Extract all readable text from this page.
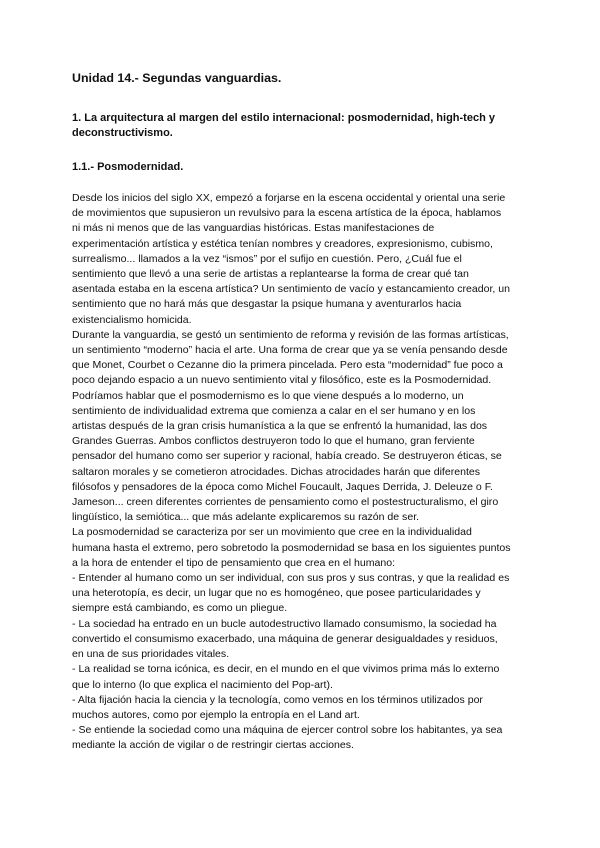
Unidad 14.- Segundas vanguardias.
1. La arquitectura al margen del estilo internacional: posmodernidad, high-tech y deconstructivismo.
1.1.- Posmodernidad.

Desde los inicios del siglo XX, empezó a forjarse en la escena occidental y oriental una serie de movimientos que supusieron un revulsivo para la escena artística de la época, hablamos ni más ni menos que de las vanguardias históricas. Estas manifestaciones de experimentación artística y estética tenían nombres y creadores, expresionismo, cubismo, surrealismo... llamados a la vez “ismos” por el sufijo en cuestión. Pero, ¿Cuál fue el sentimiento que llevó a una serie de artistas a replantearse la forma de crear qué tan asentada estaba en la escena artística? Un sentimiento de vacío y estancamiento creador, un sentimiento que no hará más que desgastar la psique humana y aventurarlos hacia existencialismo homicida.

Durante la vanguardia, se gestó un sentimiento de reforma y revisión de las formas artísticas, un sentimiento “moderno” hacia el arte. Una forma de crear que ya se venía pensando desde que Monet, Courbet o Cezanne dio la primera pincelada. Pero esta “modernidad” fue poco a poco dejando espacio a un nuevo sentimiento vital y filosófico, este es la Posmodernidad.

Podríamos hablar que el posmodernismo es lo que viene después a lo moderno, un sentimiento de individualidad extrema que comienza a calar en el ser humano y en los artistas después de la gran crisis humanística a la que se enfrentó la humanidad, las dos Grandes Guerras. Ambos conflictos destruyeron todo lo que el humano, gran ferviente pensador del humano como ser superior y racional, había creado. Se destruyeron éticas, se saltaron morales y se cometieron atrocidades. Dichas atrocidades harán que diferentes filósofos y pensadores de la época como Michel Foucault, Jaques Derrida, J. Deleuze o F. Jameson... creen diferentes corrientes de pensamiento como el postestructuralismo, el giro lingüístico, la semiótica... que más adelante explicaremos su razón de ser.

La posmodernidad se caracteriza por ser un movimiento que cree en la individualidad humana hasta el extremo, pero sobretodo la posmodernidad se basa en los siguientes puntos a la hora de entender el tipo de pensamiento que crea en el humano:

- Entender al humano como un ser individual, con sus pros y sus contras, y que la realidad es una heterotopía, es decir, un lugar que no es homogéneo, que posee particularidades y siempre está cambiando, es como un pliegue.

- La sociedad ha entrado en un bucle autodestructivo llamado consumismo, la sociedad ha convertido el consumismo exacerbado, una máquina de generar desigualdades y residuos, en una de sus prioridades vitales.

- La realidad se torna icónica, es decir, en el mundo en el que vivimos prima más lo externo que lo interno (lo que explica el nacimiento del Pop-art).

- Alta fijación hacia la ciencia y la tecnología, como vemos en los términos utilizados por muchos autores, como por ejemplo la entropía en el Land art.

- Se entiende la sociedad como una máquina de ejercer control sobre los habitantes, ya sea mediante la acción de vigilar o de restringir ciertas acciones.
